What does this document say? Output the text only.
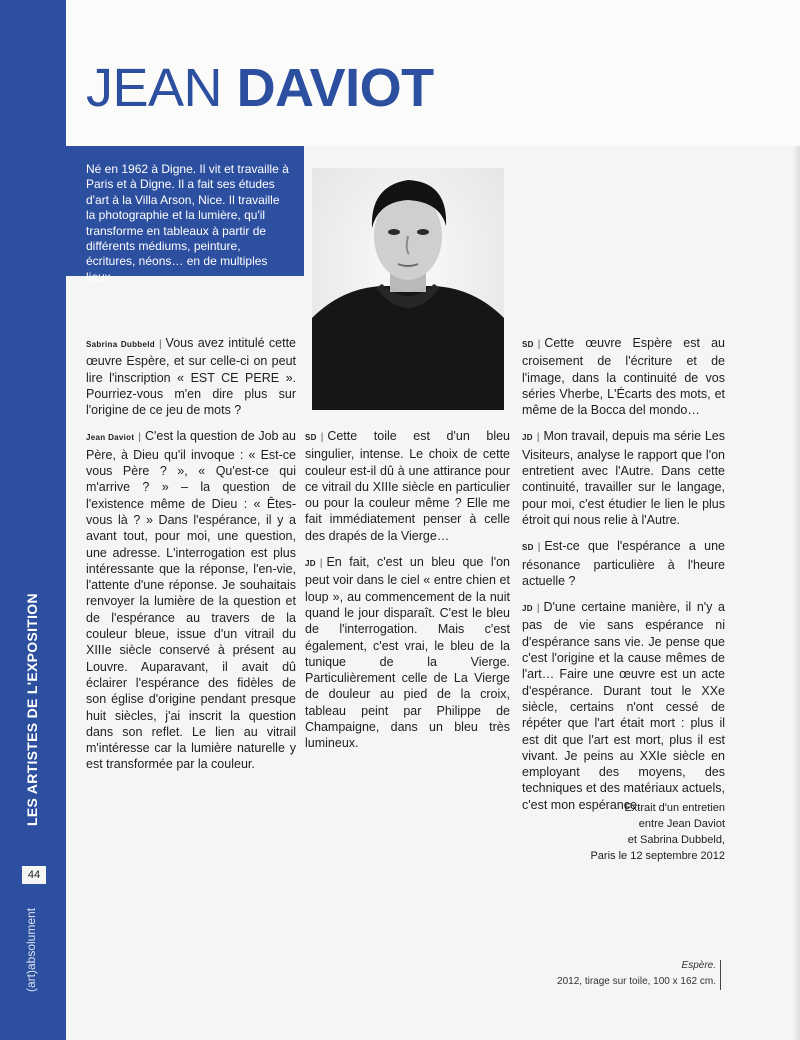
LES ARTISTES DE L'EXPOSITION
44
(art)absolument
JEAN DAVIOT
Né en 1962 à Digne. Il vit et travaille à Paris et à Digne. Il a fait ses études d'art à la Villa Arson, Nice. Il travaille la photographie et la lumière, qu'il transforme en tableaux à partir de différents médiums, peinture, écritures, néons… en de multiples lieux.

Sabrina Dubbeld | Vous avez intitulé cette œuvre Espère, et sur celle-ci on peut lire l'inscription « EST CE PERE ». Pourriez-vous m'en dire plus sur l'origine de ce jeu de mots ?

Jean Daviot | C'est la question de Job au Père, à Dieu qu'il invoque : « Est-ce vous Père ? », « Qu'est-ce qui m'arrive ? » – la question de l'existence même de Dieu : « Êtes-vous là ? » Dans l'espérance, il y a avant tout, pour moi, une question, une adresse. L'interrogation est plus intéressante que la réponse, l'en-vie, l'attente d'une réponse. Je souhaitais renvoyer la lumière de la question et de l'espérance au travers de la couleur bleue, issue d'un vitrail du XIIIe siècle conservé à présent au Louvre. Auparavant, il avait dû éclairer l'espérance des fidèles de son église d'origine pendant presque huit siècles, j'ai inscrit la question dans son reflet. Le lien au vitrail m'intéresse car la lumière naturelle y est transformée par la couleur.

SD | Cette toile est d'un bleu singulier, intense. Le choix de cette couleur est-il dû à une attirance pour ce vitrail du XIIIe siècle en particulier ou pour la couleur même ? Elle me fait immédiatement penser à celle des drapés de la Vierge…

JD | En fait, c'est un bleu que l'on peut voir dans le ciel « entre chien et loup », au commencement de la nuit quand le jour disparaît. C'est le bleu de l'interrogation. Mais c'est également, c'est vrai, le bleu de la tunique de la Vierge. Particulièrement celle de La Vierge de douleur au pied de la croix, tableau peint par Philippe de Champaigne, dans un bleu très lumineux.

SD | Cette œuvre Espère est au croisement de l'écriture et de l'image, dans la continuité de vos séries Vherbe, L'Écarts des mots, et même de la Bocca del mondo…

JD | Mon travail, depuis ma série Les Visiteurs, analyse le rapport que l'on entretient avec l'Autre. Dans cette continuité, travailler sur le langage, pour moi, c'est étudier le lien le plus étroit qui nous relie à l'Autre.

SD | Est-ce que l'espérance a une résonance particulière à l'heure actuelle ?

JD | D'une certaine manière, il n'y a pas de vie sans espérance ni d'espérance sans vie. Je pense que c'est l'origine et la cause mêmes de l'art… Faire une œuvre est un acte d'espérance. Durant tout le XXe siècle, certains n'ont cessé de répéter que l'art était mort : plus il est dit que l'art est mort, plus il est vivant. Je peins au XXIe siècle en employant des moyens, des techniques et des matériaux actuels, c'est mon espérance.

Extrait d'un entretien
entre Jean Daviot
et Sabrina Dubbeld,
Paris le 12 septembre 2012
Espère.
2012, tirage sur toile, 100 x 162 cm.
